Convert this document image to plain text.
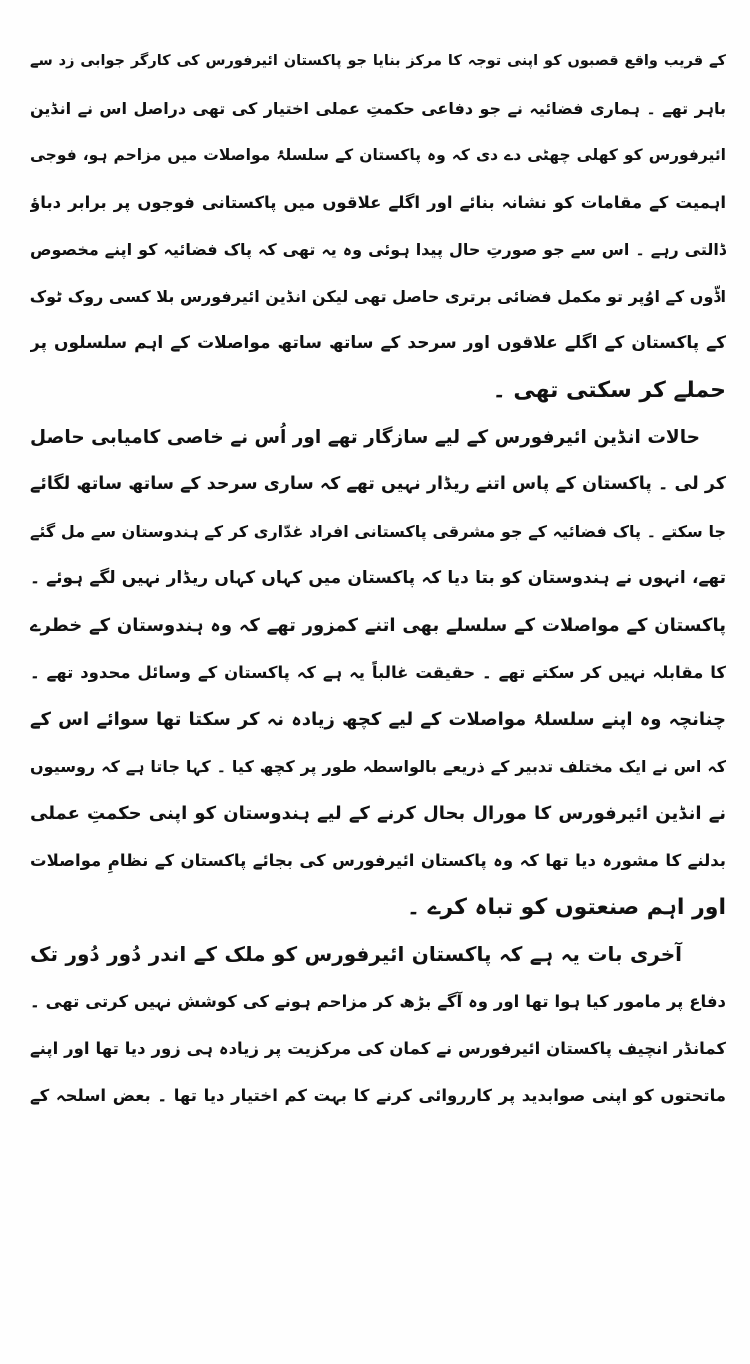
کے قریب واقع قصبوں کو اپنی توجہ کا مرکز بنایا جو پاکستان ائیرفورس کی کارگر جوابی زد سے
باہر تھے ۔ ہماری فضائیہ نے جو دفاعی حکمتِ عملی اختیار کی تھی دراصل اس نے انڈین
ائیرفورس کو کھلی چھٹی دے دی کہ وہ پاکستان کے سلسلۂ مواصلات میں مزاحم ہو، فوجی
اہمیت کے مقامات کو نشانہ بنائے اور اگلے علاقوں میں پاکستانی فوجوں پر برابر دباؤ
ڈالتی رہے ۔ اس سے جو صورتِ حال پیدا ہوئی وہ یہ تھی کہ پاک فضائیہ کو اپنے مخصوص
اڈّوں کے اوُپر تو مکمل فضائی برتری حاصل تھی لیکن انڈین ائیرفورس بلا کسی روک ٹوک
کے پاکستان کے اگلے علاقوں اور سرحد کے ساتھ ساتھ مواصلات کے اہم سلسلوں پر
حملے کر سکتی تھی ۔
حالات انڈین ائیرفورس کے لیے سازگار تھے اور اُس نے خاصی کامیابی حاصل
کر لی ۔ پاکستان کے پاس اتنے ریڈار نہیں تھے کہ ساری سرحد کے ساتھ ساتھ لگائے
جا سکتے ۔ پاک فضائیہ کے جو مشرقی پاکستانی افراد غدّاری کر کے ہندوستان سے مل گئے
تھے، انہوں نے ہندوستان کو بتا دیا کہ پاکستان میں کہاں کہاں ریڈار نہیں لگے ہوئے ۔
پاکستان کے مواصلات کے سلسلے بھی اتنے کمزور تھے کہ وہ ہندوستان کے خطرے
کا مقابلہ نہیں کر سکتے تھے ۔ حقیقت غالباً یہ ہے کہ پاکستان کے وسائل محدود تھے ۔
چنانچہ وہ اپنے سلسلۂ مواصلات کے لیے کچھ زیادہ نہ کر سکتا تھا سوائے اس کے
کہ اس نے ایک مختلف تدبیر کے ذریعے بالواسطہ طور پر کچھ کیا ۔ کہا جاتا ہے کہ روسیوں
نے انڈین ائیرفورس کا مورال بحال کرنے کے لیے ہندوستان کو اپنی حکمتِ عملی
بدلنے کا مشورہ دیا تھا کہ وہ پاکستان ائیرفورس کی بجائے پاکستان کے نظامِ مواصلات
اور اہم صنعتوں کو تباہ کرے ۔
آخری بات یہ ہے کہ پاکستان ائیرفورس کو ملک کے اندر دُور دُور تک
دفاع پر مامور کیا ہوا تھا اور وہ آگے بڑھ کر مزاحم ہونے کی کوشش نہیں کرتی تھی ۔
کمانڈر انچیف پاکستان ائیرفورس نے کمان کی مرکزیت پر زیادہ ہی زور دیا تھا اور اپنے
ماتحتوں کو اپنی صوابدید پر کارروائی کرنے کا بہت کم اختیار دیا تھا ۔ بعض اسلحہ کے
